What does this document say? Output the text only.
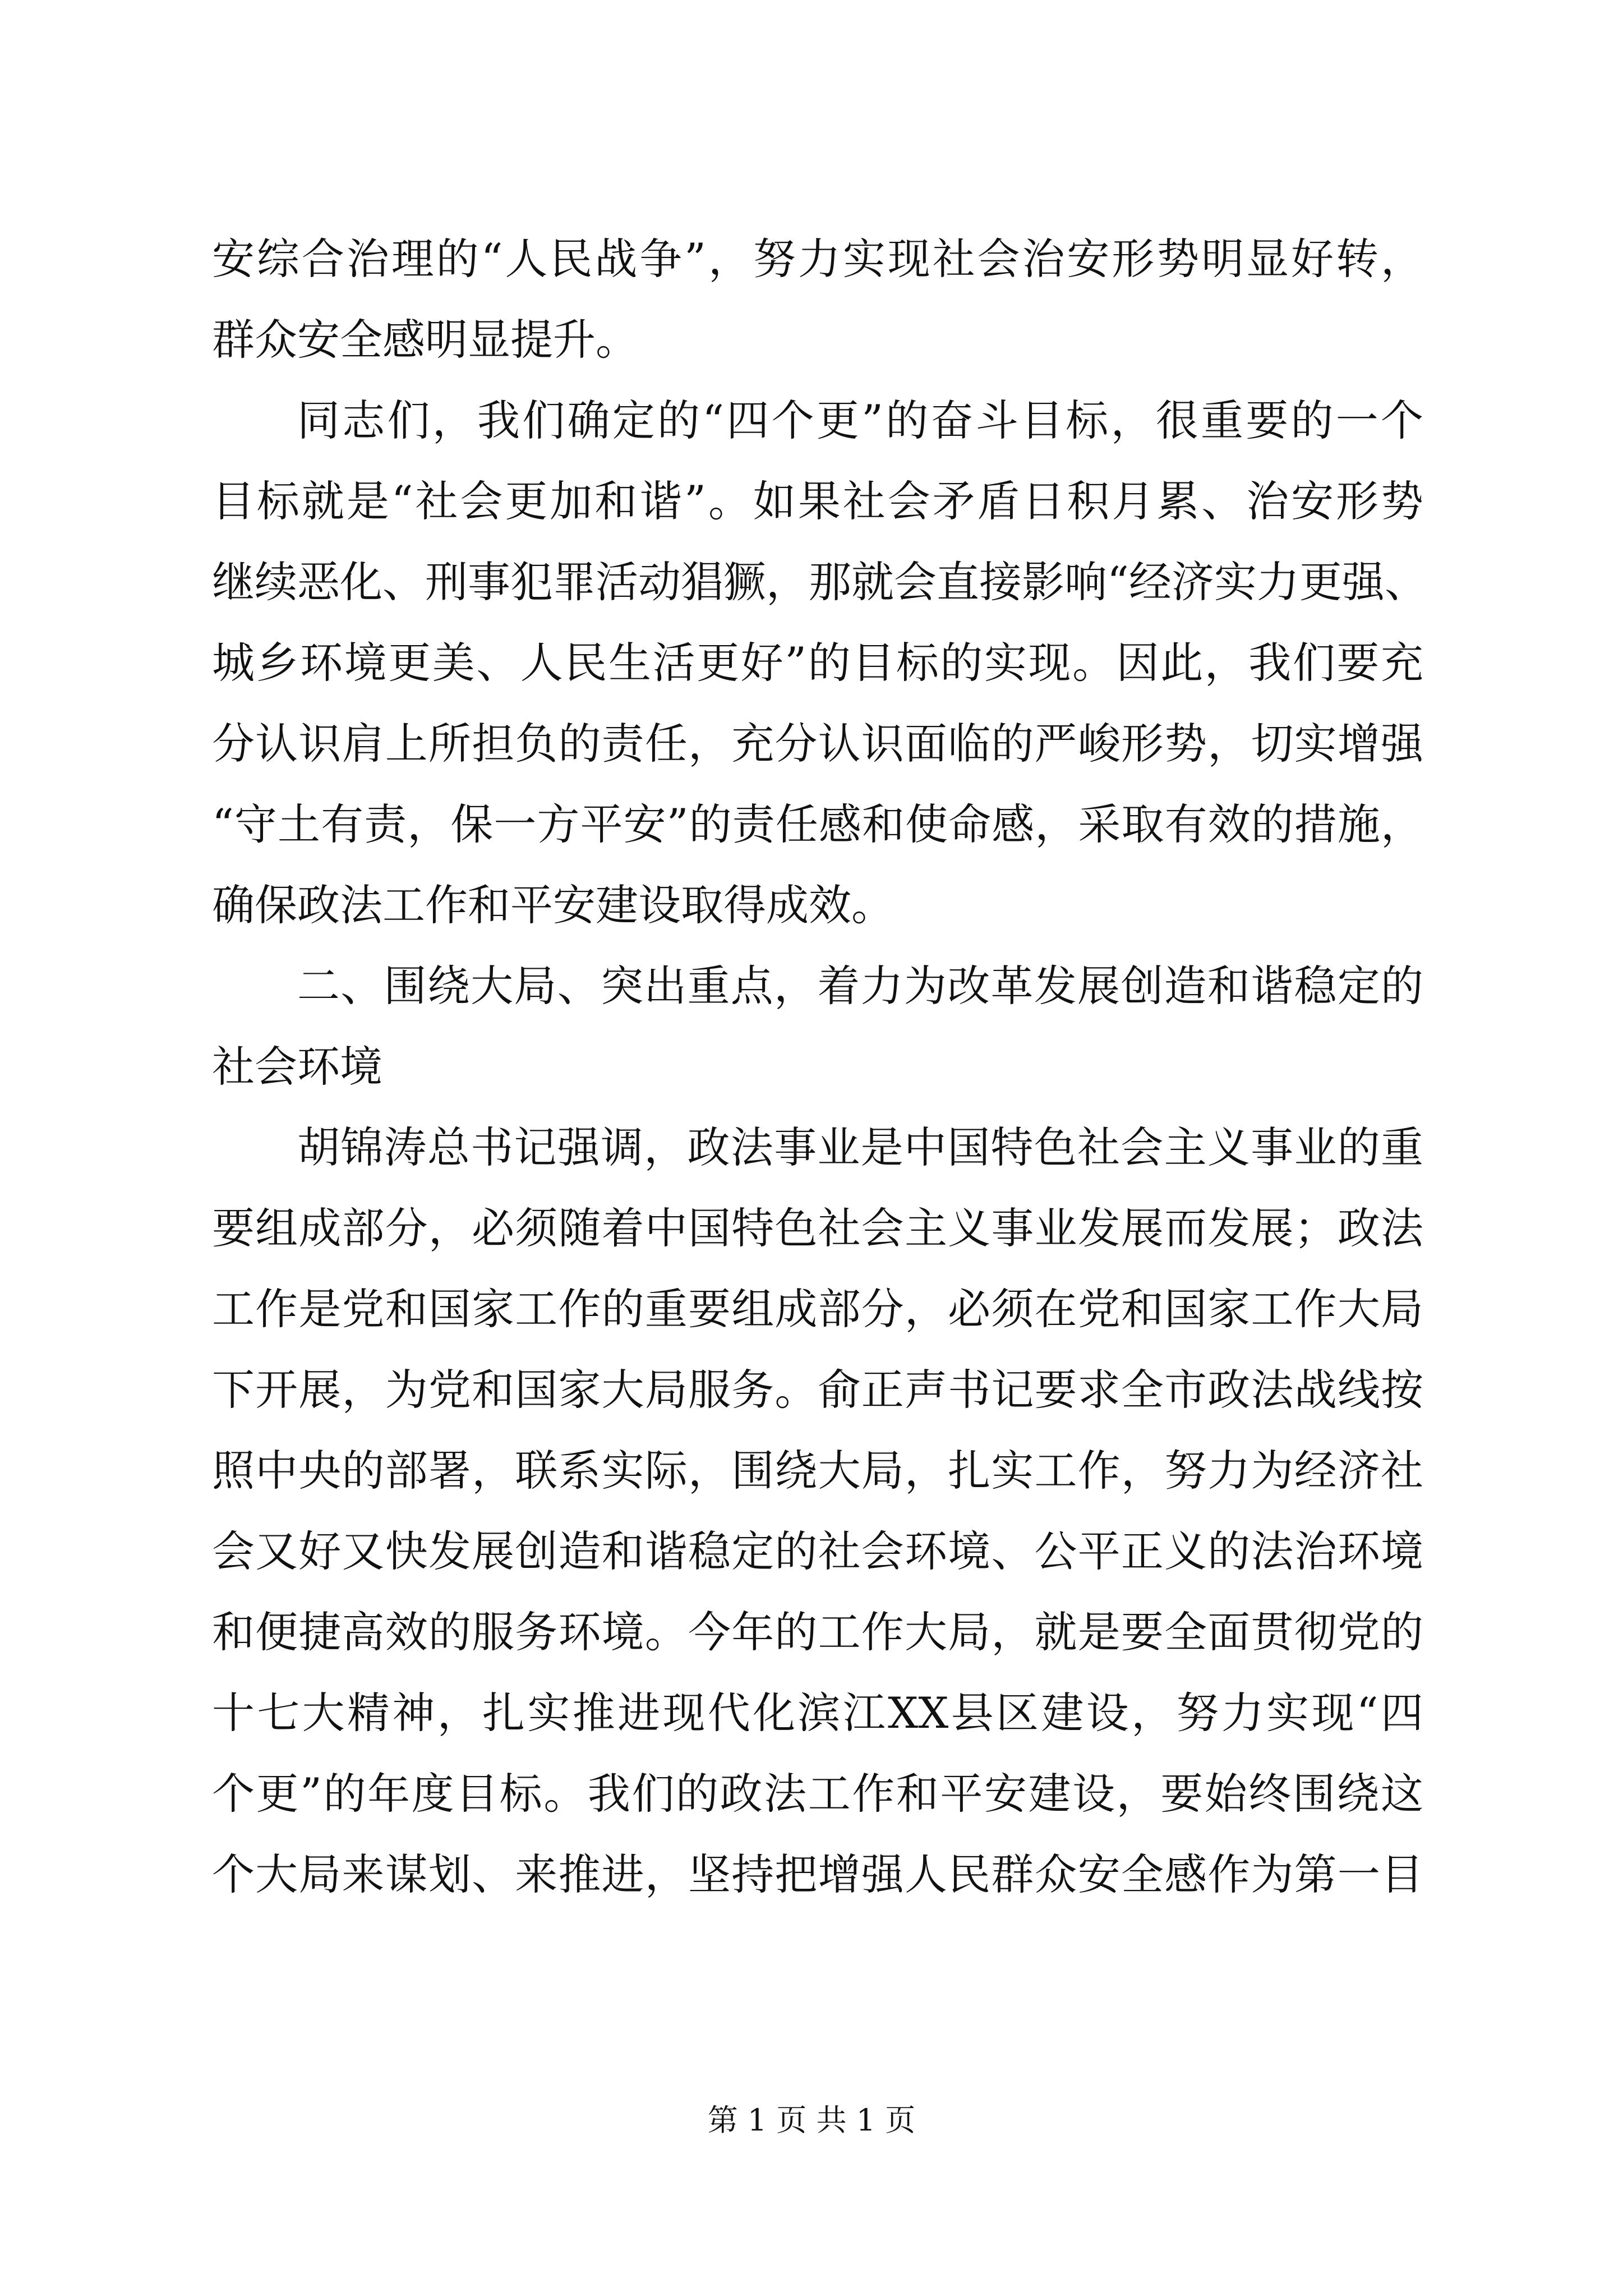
安综合治理的“人民战争”，努力实现社会治安形势明显好转，
群众安全感明显提升。
同志们，我们确定的“四个更”的奋斗目标，很重要的一个
目标就是“社会更加和谐”。如果社会矛盾日积月累、治安形势
继续恶化、刑事犯罪活动猖獗，那就会直接影响“经济实力更强、
城乡环境更美、人民生活更好”的目标的实现。因此，我们要充
分认识肩上所担负的责任，充分认识面临的严峻形势，切实增强
“守土有责，保一方平安”的责任感和使命感，采取有效的措施，
确保政法工作和平安建设取得成效。
二、围绕大局、突出重点，着力为改革发展创造和谐稳定的
社会环境
胡锦涛总书记强调，政法事业是中国特色社会主义事业的重
要组成部分，必须随着中国特色社会主义事业发展而发展；政法
工作是党和国家工作的重要组成部分，必须在党和国家工作大局
下开展，为党和国家大局服务。俞正声书记要求全市政法战线按
照中央的部署，联系实际，围绕大局，扎实工作，努力为经济社
会又好又快发展创造和谐稳定的社会环境、公平正义的法治环境
和便捷高效的服务环境。今年的工作大局，就是要全面贯彻党的
十七大精神，扎实推进现代化滨江XX县区建设，努力实现“四
个更”的年度目标。我们的政法工作和平安建设，要始终围绕这
个大局来谋划、来推进，坚持把增强人民群众安全感作为第一目
第 1 页 共 1 页
